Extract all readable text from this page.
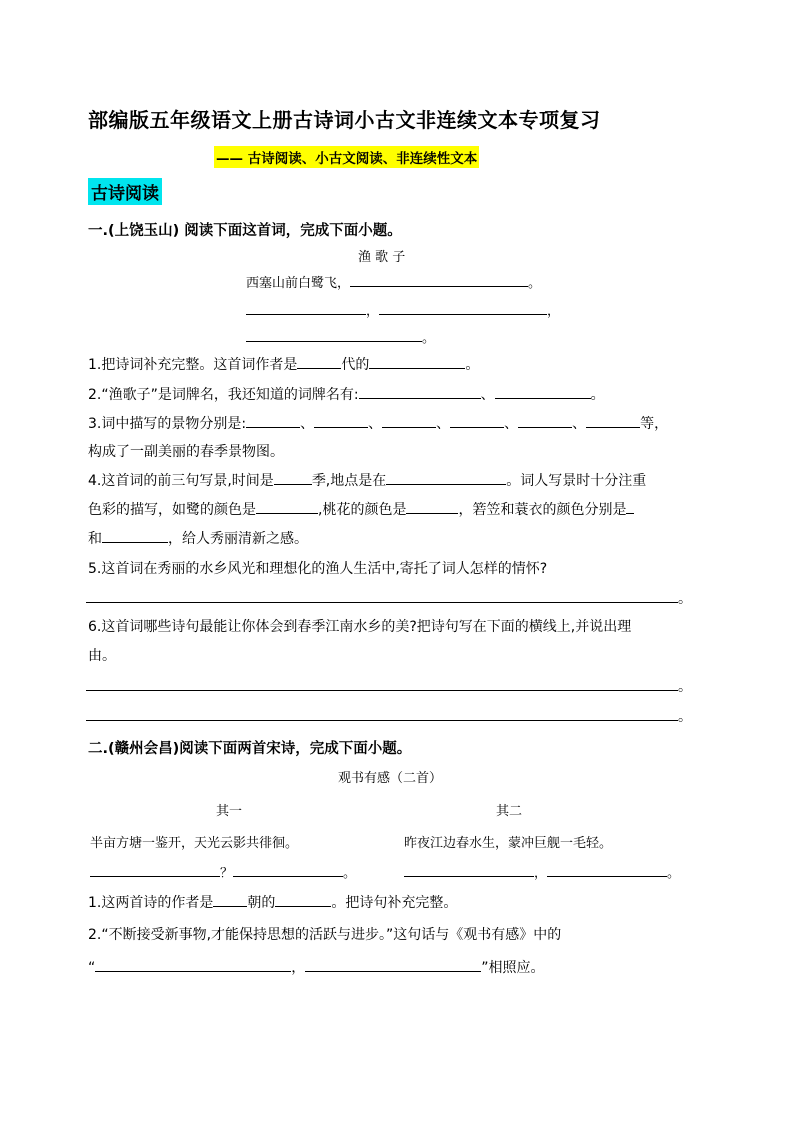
部编版五年级语文上册古诗词小古文非连续文本专项复习
—— 古诗阅读、小古文阅读、非连续性文本
古诗阅读
一.(上饶玉山) 阅读下面这首词，完成下面小题。
渔 歌 子
西塞山前白鹭飞，	。
，	，
。
1.把诗词补充完整。这首词作者是	代的	。
2.“渔歌子”是词牌名，我还知道的词牌名有:	、	。
3.词中描写的景物分别是:	、	、	、	、	、	等，
构成了一副美丽的春季景物图。
4.这首词的前三句写景,时间是	季,地点是在	。词人写景时十分注重
色彩的描写，如鹭的颜色是	,桃花的颜色是	，箬笠和蓑衣的颜色分别是
和	，给人秀丽清新之感。
5.这首词在秀丽的水乡风光和理想化的渔人生活中,寄托了词人怎样的情怀?
。
6.这首词哪些诗句最能让你体会到春季江南水乡的美?把诗句写在下面的横线上,并说出理
由。
。
。
二.(赣州会昌)阅读下面两首宋诗，完成下面小题。
观书有感（二首）
其一	其二
半亩方塘一鉴开，天光云影共徘徊。	昨夜江边春水生，蒙冲巨舰一毛轻。
？	。	，	。
1.这两首诗的作者是 朝的	。把诗句补充完整。
2.“不断接受新事物,才能保持思想的活跃与进步。”这句话与《观书有感》中的
“	，	”相照应。
